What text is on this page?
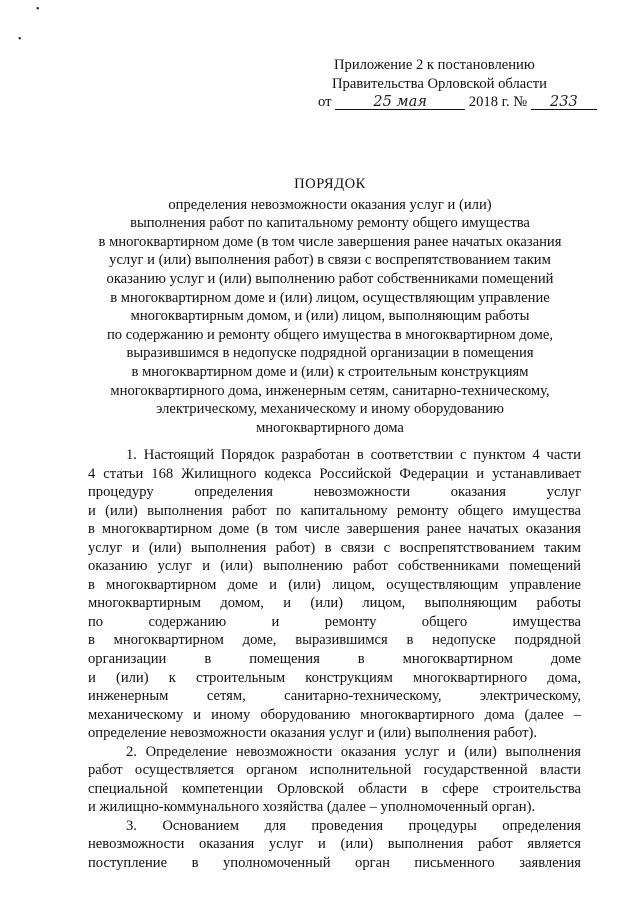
•
•
Приложение 2 к постановлению
Правительства Орловской области
от	25 мая	2018 г. № 233
ПОРЯДОК
определения невозможности оказания услуг и (или)
выполнения работ по капитальному ремонту общего имущества
в многоквартирном доме (в том числе завершения ранее начатых оказания
услуг и (или) выполнения работ) в связи с воспрепятствованием таким
оказанию услуг и (или) выполнению работ собственниками помещений
в многоквартирном доме и (или) лицом, осуществляющим управление
многоквартирным домом, и (или) лицом, выполняющим работы
по содержанию и ремонту общего имущества в многоквартирном доме,
выразившимся в недопуске подрядной организации в помещения
в многоквартирном доме и (или) к строительным конструкциям
многоквартирного дома, инженерным сетям, санитарно-техническому,
электрическому, механическому и иному оборудованию
многоквартирного дома

1. Настоящий Порядок разработан в соответствии с пунктом 4 части
4 статьи 168 Жилищного кодекса Российской Федерации и устанавливает
процедуру определения невозможности оказания услуг
и (или) выполнения работ по капитальному ремонту общего имущества
в многоквартирном доме (в том числе завершения ранее начатых оказания
услуг и (или) выполнения работ) в связи с воспрепятствованием таким
оказанию услуг и (или) выполнению работ собственниками помещений
в многоквартирном доме и (или) лицом, осуществляющим управление
многоквартирным домом, и (или) лицом, выполняющим работы
по содержанию и ремонту общего имущества
в многоквартирном доме, выразившимся в недопуске подрядной
организации в помещения в многоквартирном доме
и (или) к строительным конструкциям многоквартирного дома,
инженерным сетям, санитарно-техническому, электрическому,
механическому и иному оборудованию многоквартирного дома (далее –
определение невозможности оказания услуг и (или) выполнения работ).

2. Определение невозможности оказания услуг и (или) выполнения
работ осуществляется органом исполнительной государственной власти
специальной компетенции Орловской области в сфере строительства
и жилищно-коммунального хозяйства (далее – уполномоченный орган).

3. Основанием для проведения процедуры определения
невозможности оказания услуг и (или) выполнения работ является
поступление в уполномоченный орган письменного заявления
